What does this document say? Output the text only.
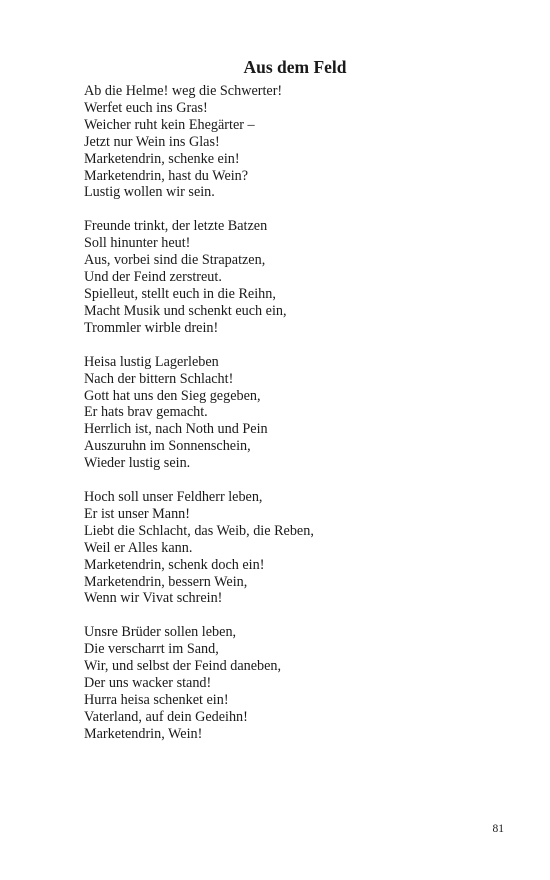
Aus dem Feld
Ab die Helme! weg die Schwerter!
Werfet euch ins Gras!
Weicher ruht kein Ehegärter –
Jetzt nur Wein ins Glas!
Marketendrin, schenke ein!
Marketendrin, hast du Wein?
Lustig wollen wir sein.
Freunde trinkt, der letzte Batzen
Soll hinunter heut!
Aus, vorbei sind die Strapatzen,
Und der Feind zerstreut.
Spielleut, stellt euch in die Reihn,
Macht Musik und schenkt euch ein,
Trommler wirble drein!
Heisa lustig Lagerleben
Nach der bittern Schlacht!
Gott hat uns den Sieg gegeben,
Er hats brav gemacht.
Herrlich ist, nach Noth und Pein
Auszuruhn im Sonnenschein,
Wieder lustig sein.
Hoch soll unser Feldherr leben,
Er ist unser Mann!
Liebt die Schlacht, das Weib, die Reben,
Weil er Alles kann.
Marketendrin, schenk doch ein!
Marketendrin, bessern Wein,
Wenn wir Vivat schrein!
Unsre Brüder sollen leben,
Die verscharrt im Sand,
Wir, und selbst der Feind daneben,
Der uns wacker stand!
Hurra heisa schenket ein!
Vaterland, auf dein Gedeihn!
Marketendrin, Wein!
81
